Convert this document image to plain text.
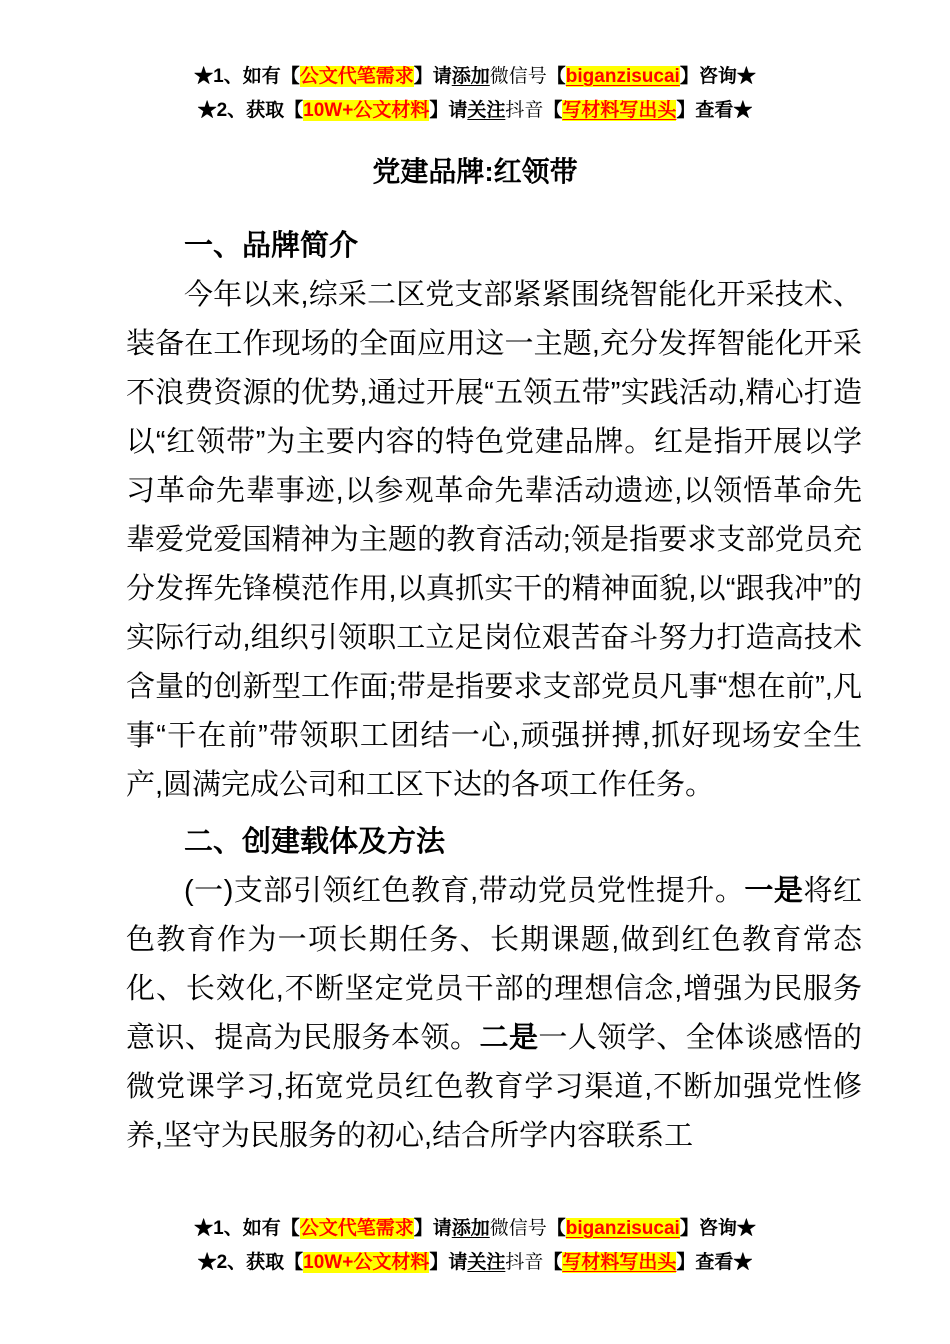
★1、如有【公文代笔需求】请添加微信号【biganzisucai】咨询★
★2、获取【10W+公文材料】请关注抖音【写材料写出头】查看★
党建品牌:红领带
一、品牌简介

今年以来,综采二区党支部紧紧围绕智能化开采技术、装备在工作现场的全面应用这一主题,充分发挥智能化开采不浪费资源的优势,通过开展“五领五带”实践活动,精心打造以“红领带”为主要内容的特色党建品牌。红是指开展以学习革命先辈事迹,以参观革命先辈活动遗迹,以领悟革命先辈爱党爱国精神为主题的教育活动;领是指要求支部党员充分发挥先锋模范作用,以真抓实干的精神面貌,以“跟我冲”的实际行动,组织引领职工立足岗位艰苦奋斗努力打造高技术含量的创新型工作面;带是指要求支部党员凡事“想在前”,凡事“干在前”带领职工团结一心,顽强拼搏,抓好现场安全生产,圆满完成公司和工区下达的各项工作任务。

二、创建载体及方法

(一)支部引领红色教育,带动党员党性提升。一是将红色教育作为一项长期任务、长期课题,做到红色教育常态化、长效化,不断坚定党员干部的理想信念,增强为民服务意识、提高为民服务本领。二是一人领学、全体谈感悟的微党课学习,拓宽党员红色教育学习渠道,不断加强党性修养,坚守为民服务的初心,结合所学内容联系工

★1、如有【公文代笔需求】请添加微信号【biganzisucai】咨询★
★2、获取【10W+公文材料】请关注抖音【写材料写出头】查看★
